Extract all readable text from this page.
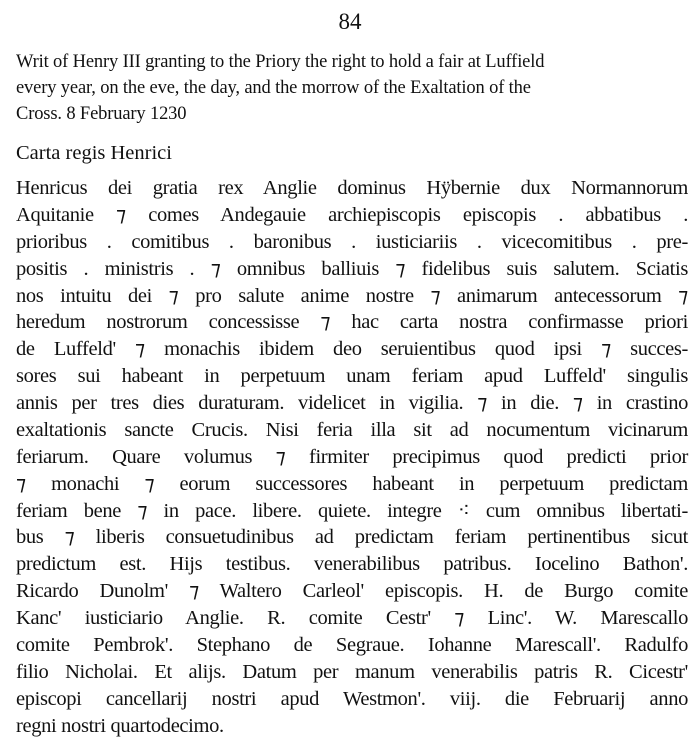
84
Writ of Henry III granting to the Priory the right to hold a fair at Luffield
every year, on the eve, the day, and the morrow of the Exaltation of the
Cross. 8 February 1230
Carta regis Henrici
Henricus dei gratia rex Anglie dominus Hÿbernie dux Normannorum
Aquitanie ⁊ comes Andegauie archiepiscopis episcopis . abbatibus .
prioribus . comitibus . baronibus . iusticiariis . vicecomitibus . pre-
positis . ministris . ⁊ omnibus balliuis ⁊ fidelibus suis salutem. Sciatis
nos intuitu dei ⁊ pro salute anime nostre ⁊ animarum antecessorum ⁊
heredum nostrorum concessisse ⁊ hac carta nostra confirmasse priori
de Luffeld' ⁊ monachis ibidem deo seruientibus quod ipsi ⁊ succes-
sores sui habeant in perpetuum unam feriam apud Luffeld' singulis
annis per tres dies duraturam. videlicet in vigilia. ⁊ in die. ⁊ in crastino
exaltationis sancte Crucis. Nisi feria illa sit ad nocumentum vicinarum
feriarum. Quare volumus ⁊ firmiter precipimus quod predicti prior
⁊ monachi ⁊ eorum successores habeant in perpetuum predictam
feriam bene ⁊ in pace. libere. quiete. integre ⁖ cum omnibus libertati-
bus ⁊ liberis consuetudinibus ad predictam feriam pertinentibus sicut
predictum est. Hijs testibus. venerabilibus patribus. Iocelino Bathon'.
Ricardo Dunolm' ⁊ Waltero Carleol' episcopis. H. de Burgo comite
Kanc' iusticiario Anglie. R. comite Cestr' ⁊ Linc'. W. Marescallo
comite Pembrok'. Stephano de Segraue. Iohanne Marescall'. Radulfo
filio Nicholai. Et alijs. Datum per manum venerabilis patris R. Cicestr'
episcopi cancellarij nostri apud Westmon'. viij. die Februarij anno
regni nostri quartodecimo.
